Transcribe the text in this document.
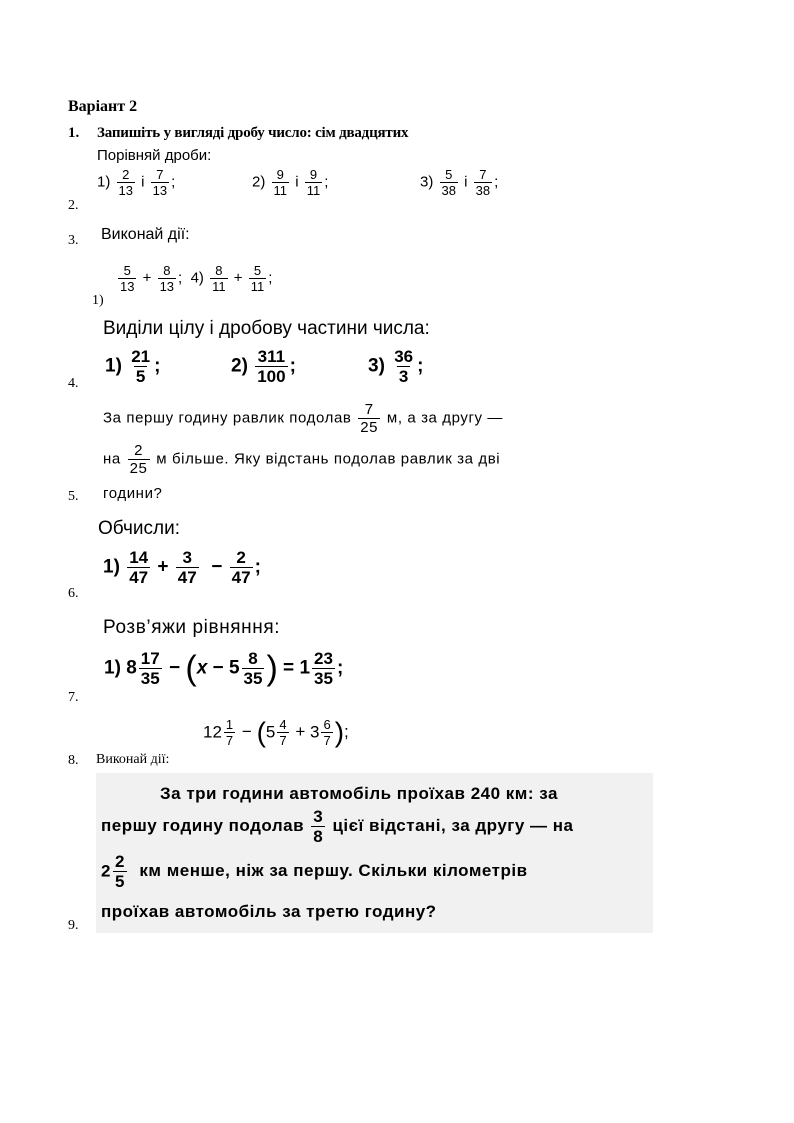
Варіант 2
1. Запишіть у вигляді дробу число: сім двадцятих
Порівняй дроби:
$1) \frac{2}{13}$ і $\frac{7}{13}$ ;	$2) \frac{9}{11}$ і $\frac{9}{11}$ ;	$3) \frac{5}{38}$ і $\frac{7}{38}$ ;
2.
3. Виконай дії:
$\frac{5}{13} + \frac{8}{13}$ ; $4) \frac{8}{11} + \frac{5}{11}$ ;
1)
Виділи цілу і дробову частини числа:
$1) \frac{21}{5}$ ;	$2) \frac{311}{100}$ ;	$3) \frac{36}{3}$ ;
4.
За першу годину равлик подолав $\frac{7}{25} м$, а за другу —
на $\frac{2}{25}$ м більше. Яку відстань подолав равлик за дві
години?
5.
Обчисли:
$1) \frac{14}{47} + \frac{3}{47} - \frac{2}{47}$ ;
6.
Розв’яжи рівняння:
1) $8 \frac{17}{35} - (x - 5 \frac{8}{35}$ ) = $1 \frac{23}{35}$ ;
7.
$12 \frac{1}{7} - (5 \frac{4}{7} + 3 \frac{6}{7}$ );
8. Виконай дії:
За три години автомобіль проїхав 240 км: за
першу годину подолав $\frac{3}{8}$ цієї відстані, за другу — на
$2 \frac{2}{5}$ км менше, ніж за першу. Скільки кілометрів
проїхав автомобіль за третю годину?
9.
